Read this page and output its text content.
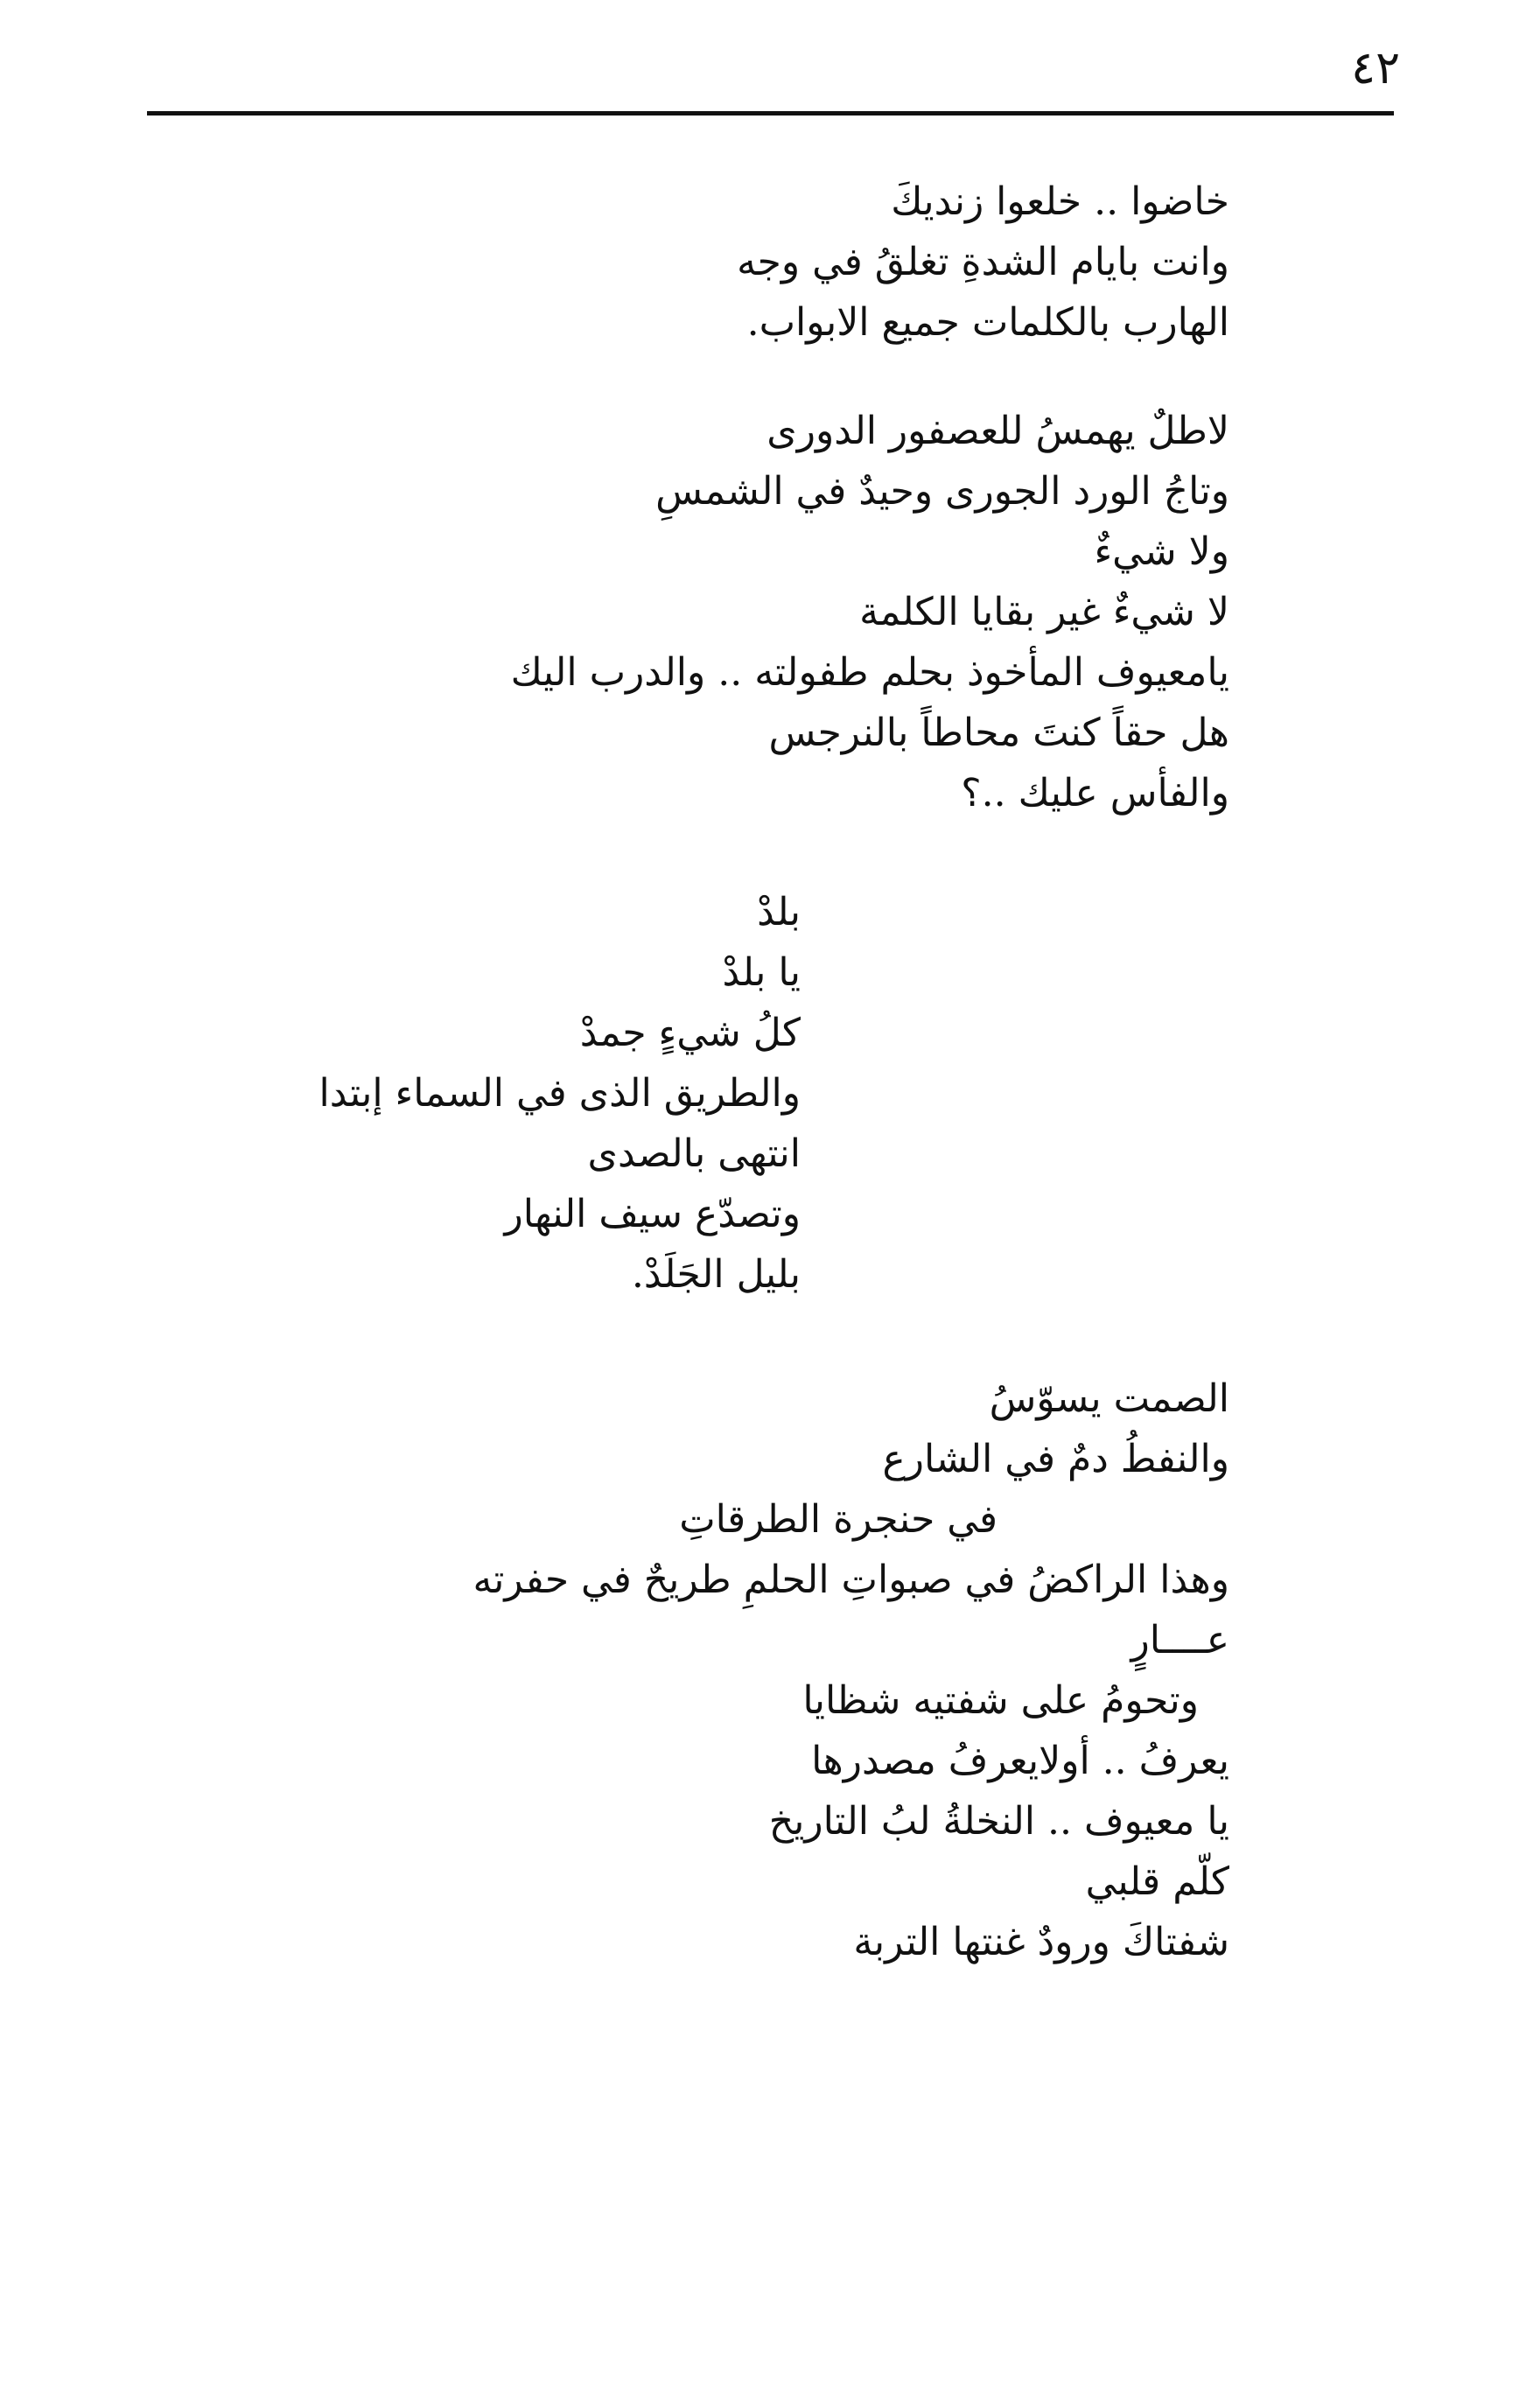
٤٢
خاضوا .. خلعوا زنديكَ
وانت بايام الشدةِ تغلقُ في وجه
الهارب بالكلمات جميع الابواب.
لاطلٌ يهمسُ للعصفور الدورى
وتاجُ الورد الجورى وحيدٌ في الشمسِ
ولا شيءٌ
لا شيءٌ غير بقايا الكلمة
يامعيوف المأخوذ بحلم طفولته .. والدرب اليك
هل حقاً كنتَ محاطاً بالنرجس
والفأس عليك ..؟
بلدْ
يا بلدْ
كلُ شيءٍ جمدْ
والطريق الذى في السماء إبتدا
انتهى بالصدى
وتصدّع سيف النهار
بليل الجَلَدْ.
الصمت يسوّسُ
والنفطُ دمٌ في الشارع
في حنجرة الطرقاتِ
وهذا الراكضُ في صبواتِ الحلمِ طريحٌ في حفرته
عــــارٍ
وتحومُ على شفتيه شظايا
يعرفُ .. أولايعرفُ مصدرها
يا معيوف .. النخلةُ لبُ التاريخ
كلّم قلبي
شفتاكَ ورودٌ غنتها التربة
